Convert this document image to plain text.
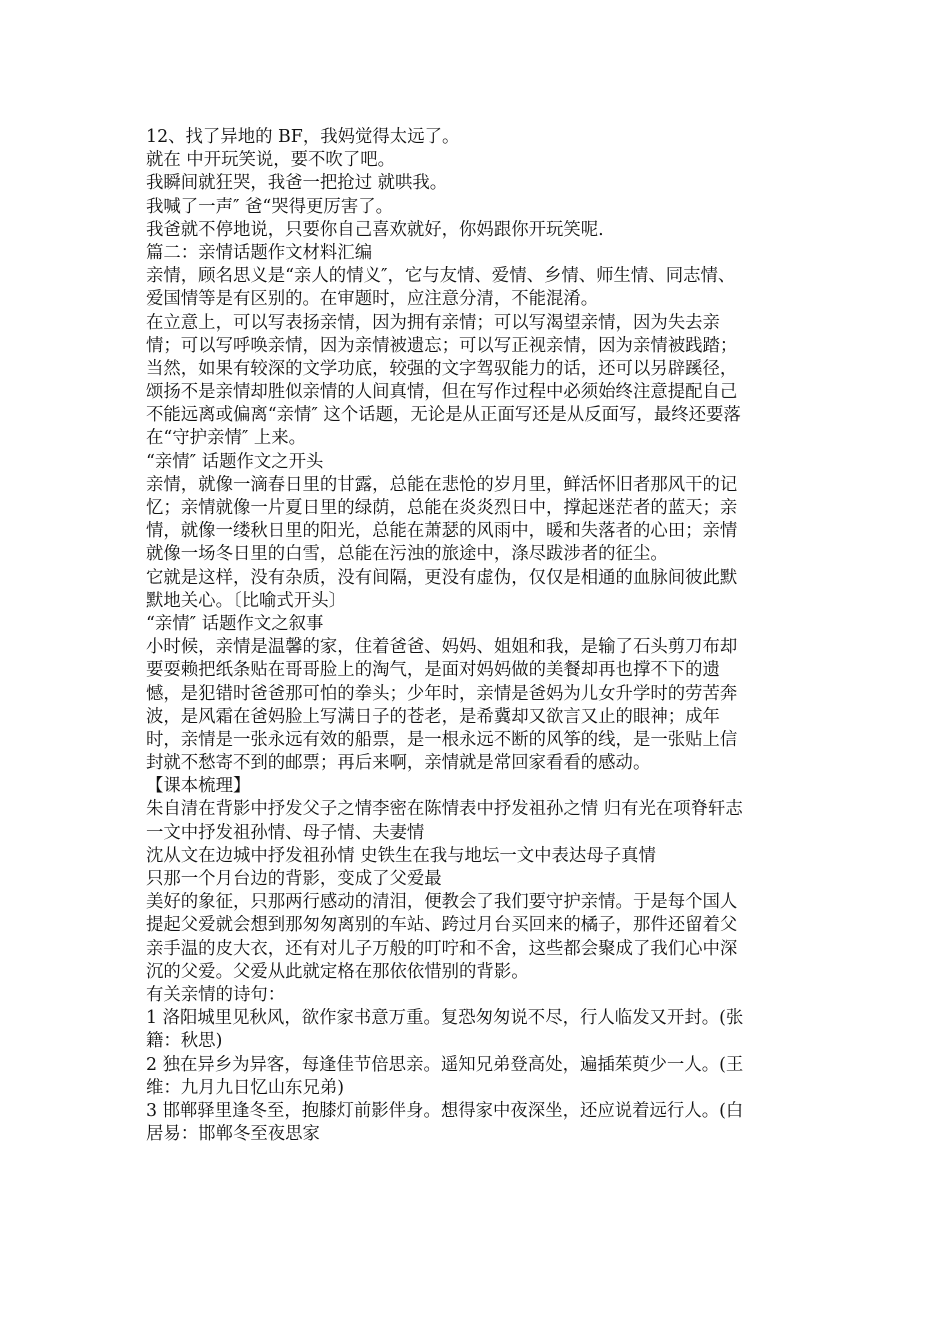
12、找了异地的 BF，我妈觉得太远了。
就在 中开玩笑说，要不吹了吧。
我瞬间就狂哭，我爸一把抢过 就哄我。
我喊了一声″ 爸“哭得更厉害了。
我爸就不停地说，只要你自己喜欢就好，你妈跟你开玩笑呢.
篇二：亲情话题作文材料汇编
亲情，顾名思义是“亲人的情义″，它与友情、爱情、乡情、师生情、同志情、
爱国情等是有区别的。在审题时，应注意分清，不能混淆。
在立意上，可以写表扬亲情，因为拥有亲情；可以写渴望亲情，因为失去亲
情；可以写呼唤亲情，因为亲情被遗忘；可以写正视亲情，因为亲情被践踏；
当然，如果有较深的文学功底，较强的文字驾驭能力的话，还可以另辟蹊径，
颂扬不是亲情却胜似亲情的人间真情，但在写作过程中必须始终注意提配自己
不能远离或偏离“亲情″ 这个话题，无论是从正面写还是从反面写，最终还要落
在“守护亲情″ 上来。
“亲情″ 话题作文之开头
亲情，就像一滴春日里的甘露，总能在悲怆的岁月里，鲜活怀旧者那风干的记
忆；亲情就像一片夏日里的绿荫，总能在炎炎烈日中，撑起迷茫者的蓝天；亲
情，就像一缕秋日里的阳光，总能在萧瑟的风雨中，暖和失落者的心田；亲情
就像一场冬日里的白雪，总能在污浊的旅途中，涤尽跋涉者的征尘。
它就是这样，没有杂质，没有间隔，更没有虚伪，仅仅是相通的血脉间彼此默
默地关心。〔比喻式开头〕
“亲情″ 话题作文之叙事
小时候，亲情是温馨的家，住着爸爸、妈妈、姐姐和我，是输了石头剪刀布却
要耍赖把纸条贴在哥哥脸上的淘气，是面对妈妈做的美餐却再也撑不下的遗
憾，是犯错时爸爸那可怕的拳头；少年时，亲情是爸妈为儿女升学时的劳苦奔
波，是风霜在爸妈脸上写满日子的苍老，是希冀却又欲言又止的眼神；成年
时，亲情是一张永远有效的船票，是一根永远不断的风筝的线，是一张贴上信
封就不愁寄不到的邮票；再后来啊，亲情就是常回家看看的感动。
【课本梳理】
朱自清在背影中抒发父子之情李密在陈情表中抒发祖孙之情 归有光在项脊轩志
一文中抒发祖孙情、母子情、夫妻情
沈从文在边城中抒发祖孙情 史铁生在我与地坛一文中表达母子真情
只那一个月台边的背影，变成了父爱最
美好的象征，只那两行感动的清泪，便教会了我们要守护亲情。于是每个国人
提起父爱就会想到那匆匆离别的车站、跨过月台买回来的橘子，那件还留着父
亲手温的皮大衣，还有对儿子万般的叮咛和不舍，这些都会聚成了我们心中深
沉的父爱。父爱从此就定格在那依依惜别的背影。
有关亲情的诗句：
1 洛阳城里见秋风，欲作家书意万重。复恐匆匆说不尽，行人临发又开封。(张
籍：秋思)
2 独在异乡为异客，每逢佳节倍思亲。遥知兄弟登高处，遍插茱萸少一人。(王
维：九月九日忆山东兄弟)
3 邯郸驿里逢冬至，抱膝灯前影伴身。想得家中夜深坐，还应说着远行人。(白
居易：邯郸冬至夜思家
